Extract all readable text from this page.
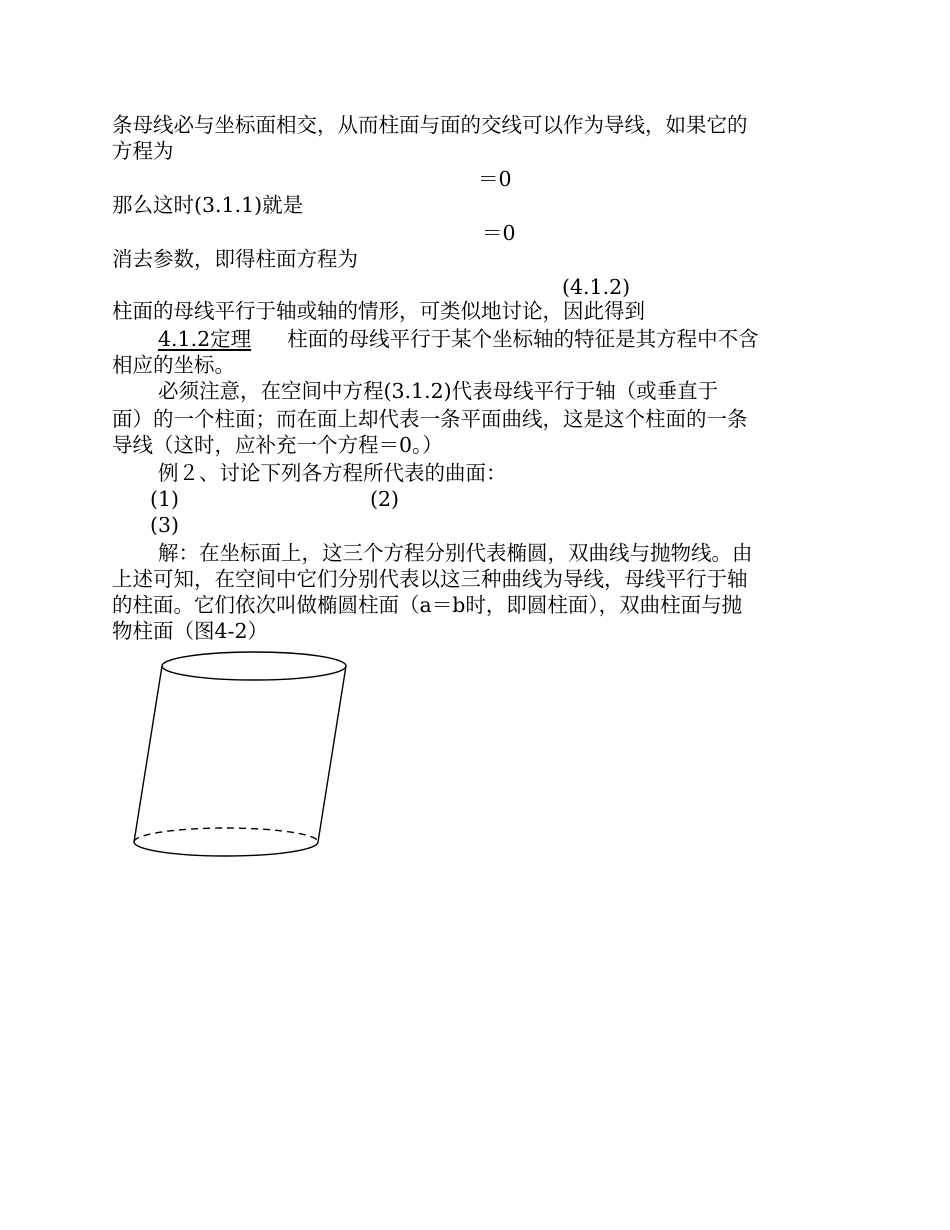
条母线必与坐标面相交，从而柱面与面的交线可以作为导线，如果它的
方程为
＝0
那么这时(3.1.1)就是
＝0
消去参数，即得柱面方程为
(4.1.2)
柱面的母线平行于轴或轴的情形，可类似地讨论，因此得到
4.1.2定理 柱面的母线平行于某个坐标轴的特征是其方程中不含
相应的坐标。
必须注意，在空间中方程(3.1.2)代表母线平行于轴（或垂直于
面）的一个柱面；而在面上却代表一条平面曲线，这是这个柱面的一条
导线（这时，应补充一个方程＝0。）
例２、讨论下列各方程所代表的曲面：
(1)	(2)
(3)
解：在坐标面上，这三个方程分别代表椭圆，双曲线与抛物线。由
上述可知，在空间中它们分别代表以这三种曲线为导线，母线平行于轴
的柱面。它们依次叫做椭圆柱面（a＝b时，即圆柱面），双曲柱面与抛
物柱面（图4-2）
